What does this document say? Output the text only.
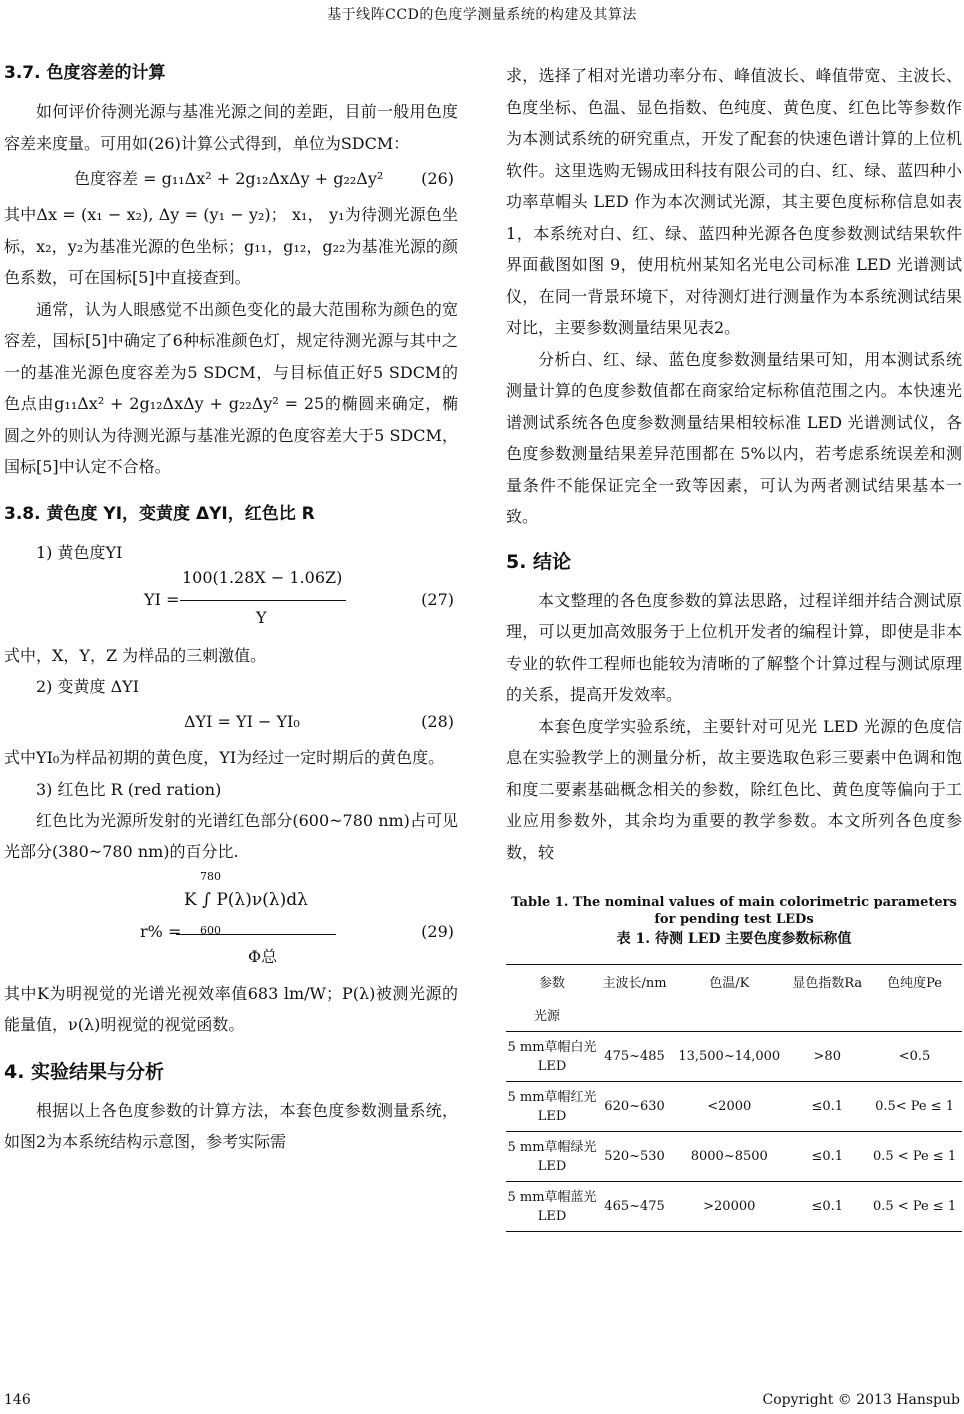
基于线阵CCD的色度学测量系统的构建及其算法
3.7. 色度容差的计算

如何评价待测光源与基准光源之间的差距，目前一般用色度容差来度量。可用如(26)计算公式得到，单位为SDCM：

色度容差 = g₁₁Δx² + 2g₁₂ΔxΔy + g₂₂Δy² (26)

其中Δx = (x₁ − x₂), Δy = (y₁ − y₂)； x₁， y₁为待测光源色坐标，x₂，y₂为基准光源的色坐标；g₁₁，g₁₂，g₂₂为基准光源的颜色系数，可在国标[5]中直接查到。

通常，认为人眼感觉不出颜色变化的最大范围称为颜色的宽容差，国标[5]中确定了6种标准颜色灯，规定待测光源与其中之一的基准光源色度容差为5 SDCM，与目标值正好5 SDCM的色点由g₁₁Δx² + 2g₁₂ΔxΔy + g₂₂Δy² = 25的椭圆来确定，椭圆之外的则认为待测光源与基准光源的色度容差大于5 SDCM，国标[5]中认定不合格。

3.8. 黄色度 YI，变黄度 ΔYI，红色比 R
1) 黄色度YI
YI =
100(1.28X − 1.06Z)
Y
(27)

式中，X，Y，Z 为样品的三刺激值。

2) 变黄度 ΔYI
ΔYI = YI − YI₀	(28)

式中YI₀为样品初期的黄色度，YI为经过一定时期后的黄色度。

3) 红色比 R (red ration)

红色比为光源所发射的光谱红色部分(600~780 nm)占可见光部分(380~780 nm)的百分比.

780
K ∫ P(λ)ν(λ)dλ
600
r% =
Φ总
(29)

其中K为明视觉的光谱光视效率值683 lm/W；P(λ)被测光源的能量值，ν(λ)明视觉的视觉函数。

4. 实验结果与分析

根据以上各色度参数的计算方法，本套色度参数测量系统，如图2为本系统结构示意图，参考实际需

求，选择了相对光谱功率分布、峰值波长、峰值带宽、主波长、色度坐标、色温、显色指数、色纯度、黄色度、红色比等参数作为本测试系统的研究重点，开发了配套的快速色谱计算的上位机软件。这里选购无锡成田科技有限公司的白、红、绿、蓝四种小功率草帽头 LED 作为本次测试光源，其主要色度标称信息如表 1，本系统对白、红、绿、蓝四种光源各色度参数测试结果软件界面截图如图 9，使用杭州某知名光电公司标准 LED 光谱测试仪，在同一背景环境下，对待测灯进行测量作为本系统测试结果对比，主要参数测量结果见表2。

分析白、红、绿、蓝色度参数测量结果可知，用本测试系统测量计算的色度参数值都在商家给定标称值范围之内。本快速光谱测试系统各色度参数测量结果相较标准 LED 光谱测试仪，各色度参数测量结果差异范围都在 5%以内，若考虑系统误差和测量条件不能保证完全一致等因素，可认为两者测试结果基本一致。

5. 结论

本文整理的各色度参数的算法思路，过程详细并结合测试原理，可以更加高效服务于上位机开发者的编程计算，即使是非本专业的软件工程师也能较为清晰的了解整个计算过程与测试原理的关系，提高开发效率。

本套色度学实验系统，主要针对可见光 LED 光源的色度信息在实验教学上的测量分析，故主要选取色彩三要素中色调和饱和度二要素基础概念相关的参数，除红色比、黄色度等偏向于工业应用参数外，其余均为重要的教学参数。本文所列各色度参数，较

Table 1. The nominal values of main colorimetric parameters for pending test LEDs
表 1. 待测 LED 主要色度参数标称值
参数	主波长/nm	色温/K	显色指数Ra	色纯度Pe
光源				
5 mm草帽白光LED	475~485	13,500~14,000	>80	<0.5
5 mm草帽红光LED	620~630	<2000	≤0.1	0.5< Pe ≤ 1
5 mm草帽绿光LED	520~530	8000~8500	≤0.1	0.5 < Pe ≤ 1
5 mm草帽蓝光LED	465~475	>20000	≤0.1	0.5 < Pe ≤ 1
146	Copyright © 2013 Hanspub
